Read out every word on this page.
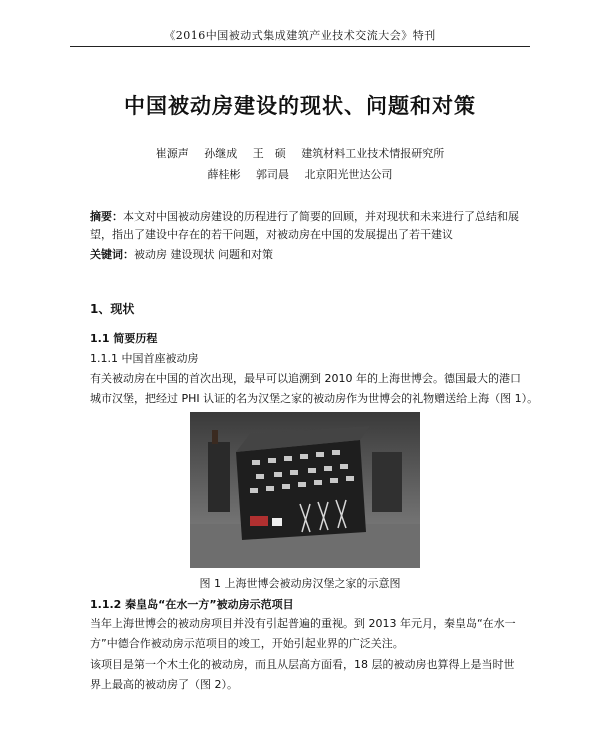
《2016中国被动式集成建筑产业技术交流大会》特刊
中国被动房建设的现状、问题和对策
崔源声 孙继成 王　硕 建筑材料工业技术情报研究所
薛桂彬 郭司晨 北京阳光世达公司
摘要：本文对中国被动房建设的历程进行了简要的回顾，并对现状和未来进行了总结和展
望，指出了建设中存在的若干问题，对被动房在中国的发展提出了若干建议
关键词：被动房 建设现状 问题和对策
1、现状
1.1 简要历程
1.1.1 中国首座被动房
有关被动房在中国的首次出现，最早可以追溯到 2010 年的上海世博会。德国最大的港口
城市汉堡，把经过 PHI 认证的名为汉堡之家的被动房作为世博会的礼物赠送给上海（图 1）。
图 1 上海世博会被动房汉堡之家的示意图
1.1.2 秦皇岛“在水一方”被动房示范项目
当年上海世博会的被动房项目并没有引起普遍的重视。到 2013 年元月，秦皇岛“在水一
方”中德合作被动房示范项目的竣工，开始引起业界的广泛关注。
该项目是第一个木土化的被动房，而且从层高方面看，18 层的被动房也算得上是当时世
界上最高的被动房了（图 2）。
